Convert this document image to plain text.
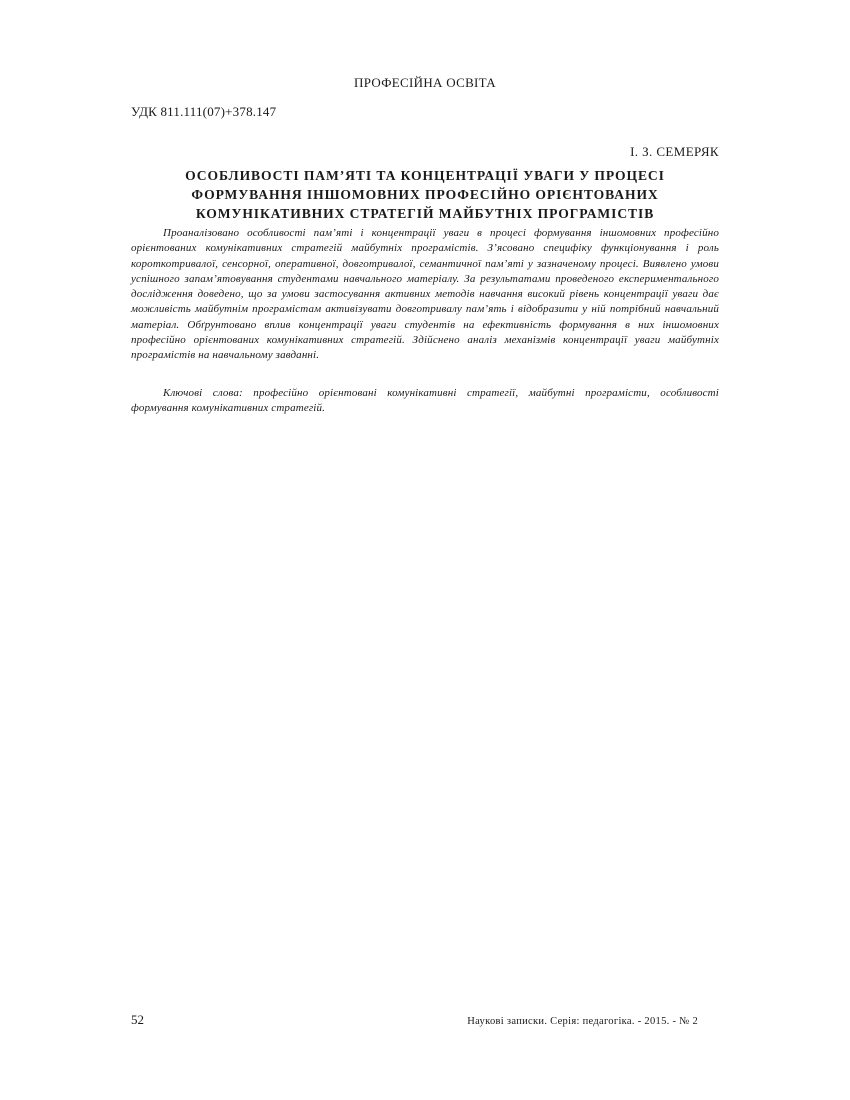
ПРОФЕСІЙНА ОСВІТА
УДК 811.111(07)+378.147
І. З. СЕМЕРЯК
ОСОБЛИВОСТІ ПАМ’ЯТІ ТА КОНЦЕНТРАЦІЇ УВАГИ У ПРОЦЕСІ
ФОРМУВАННЯ ІНШОМОВНИХ ПРОФЕСІЙНО ОРІЄНТОВАНИХ
КОМУНІКАТИВНИХ СТРАТЕГІЙ МАЙБУТНІХ ПРОГРАМІСТІВ

Проаналізовано особливості пам’яті і концентрації уваги в процесі формування іншомовних професійно орієнтованих комунікативних стратегій майбутніх програмістів. З’ясовано специфіку функціонування і роль короткотривалої, сенсорної, оперативної, довготривалої, семантичної пам’яті у зазначеному процесі. Виявлено умови успішного запам’ятовування студентами навчального матеріалу. За результатами проведеного експериментального дослідження доведено, що за умови застосування активних методів навчання високий рівень концентрації уваги дає можливість майбутнім програмістам активізувати довготривалу пам’ять і відобразити у ній потрібний навчальний матеріал. Обґрунтовано вплив концентрації уваги студентів на ефективність формування в них іншомовних професійно орієнтованих комунікативних стратегій. Здійснено аналіз механізмів концентрації уваги майбутніх програмістів на навчальному завданні.

Ключові слова: професійно орієнтовані комунікативні стратегії, майбутні програмісти, особливості формування комунікативних стратегій.

52	Наукові записки. Серія: педагогіка. - 2015. - № 2
